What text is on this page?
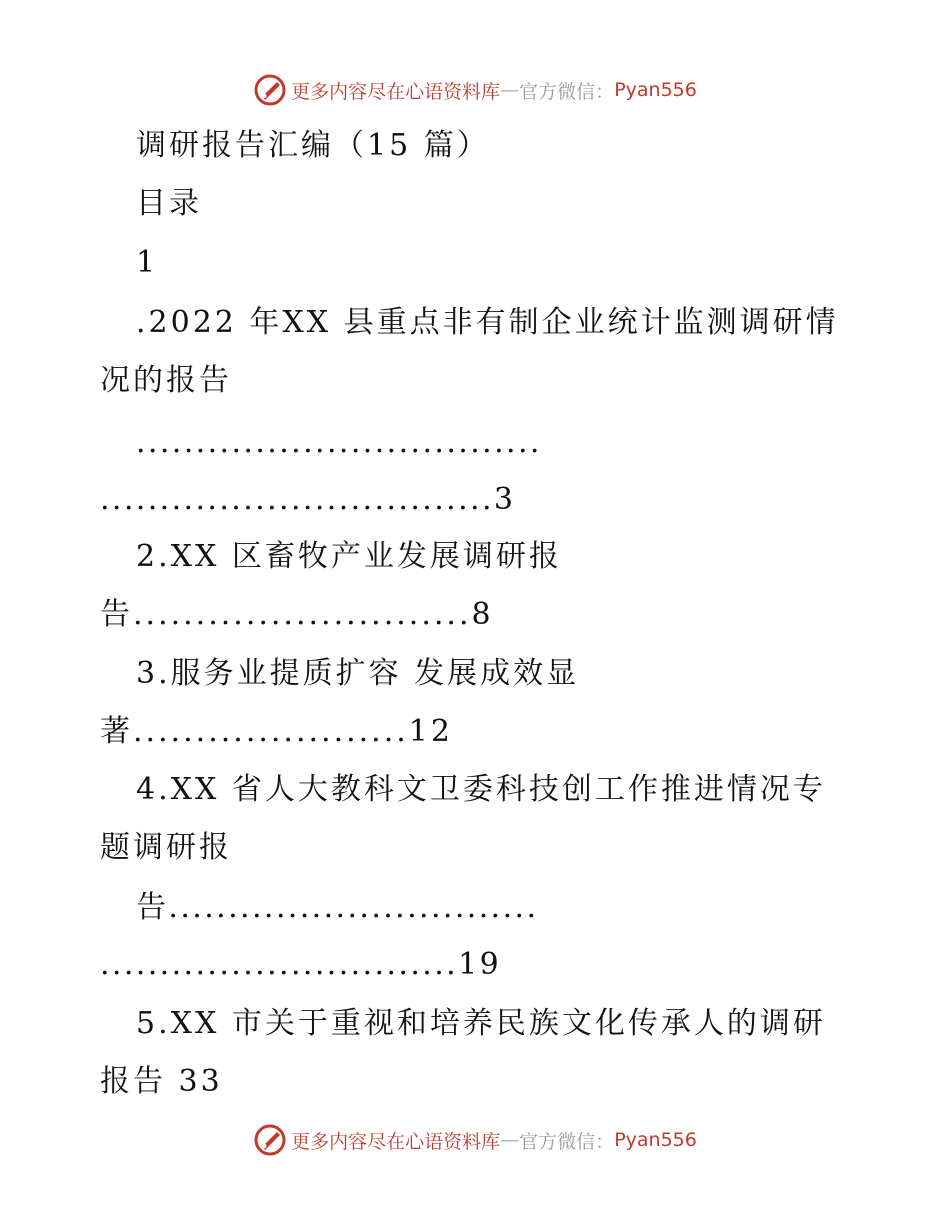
更多内容尽在心语资料库 — 官方微信： Pyan556
调研报告汇编（15 篇）
目录
1
.2022 年XX 县重点非有制企业统计监测调研情
况的报告
..................................
.................................3
2.XX 区畜牧产业发展调研报
告...........................8
3.服务业提质扩容 发展成效显
著......................12
4.XX 省人大教科文卫委科技创工作推进情况专
题调研报
告...............................
..............................19
5.XX 市关于重视和培养民族文化传承人的调研
报告 33
更多内容尽在心语资料库 — 官方微信： Pyan556
